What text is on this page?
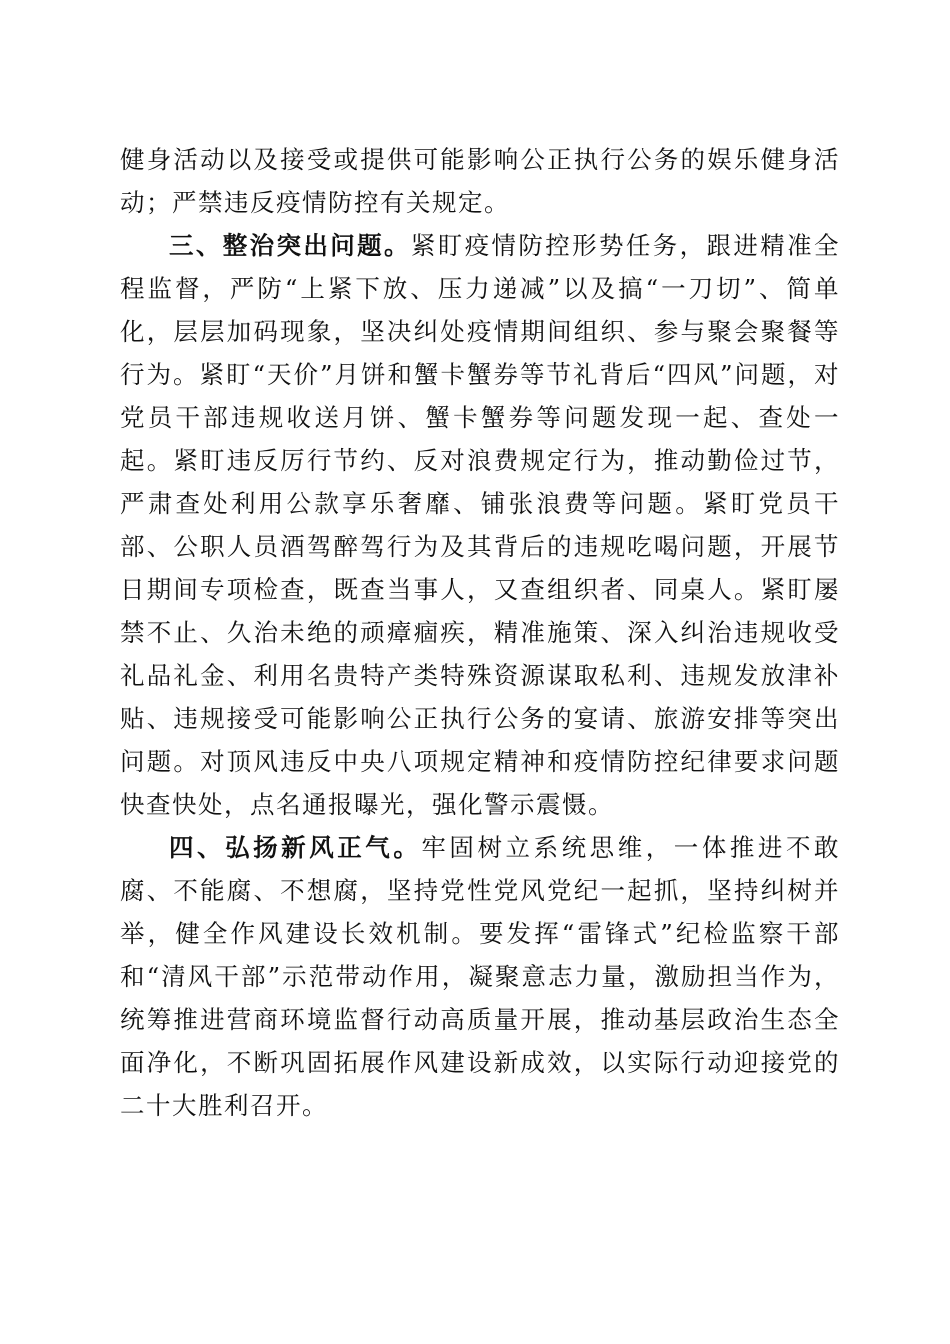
健身活动以及接受或提供可能影响公正执行公务的娱乐健身活动；严禁违反疫情防控有关规定。

三、整治突出问题。紧盯疫情防控形势任务，跟进精准全程监督，严防“上紧下放、压力递减”以及搞“一刀切”、简单化，层层加码现象，坚决纠处疫情期间组织、参与聚会聚餐等行为。紧盯“天价”月饼和蟹卡蟹券等节礼背后“四风”问题，对党员干部违规收送月饼、蟹卡蟹券等问题发现一起、查处一起。紧盯违反厉行节约、反对浪费规定行为，推动勤俭过节，严肃查处利用公款享乐奢靡、铺张浪费等问题。紧盯党员干部、公职人员酒驾醉驾行为及其背后的违规吃喝问题，开展节日期间专项检查，既查当事人，又查组织者、同桌人。紧盯屡禁不止、久治未绝的顽瘴痼疾，精准施策、深入纠治违规收受礼品礼金、利用名贵特产类特殊资源谋取私利、违规发放津补贴、违规接受可能影响公正执行公务的宴请、旅游安排等突出问题。对顶风违反中央八项规定精神和疫情防控纪律要求问题快查快处，点名通报曝光，强化警示震慑。

四、弘扬新风正气。牢固树立系统思维，一体推进不敢腐、不能腐、不想腐，坚持党性党风党纪一起抓，坚持纠树并举，健全作风建设长效机制。要发挥“雷锋式”纪检监察干部和“清风干部”示范带动作用，凝聚意志力量，激励担当作为，统筹推进营商环境监督行动高质量开展，推动基层政治生态全面净化，不断巩固拓展作风建设新成效，以实际行动迎接党的二十大胜利召开。
